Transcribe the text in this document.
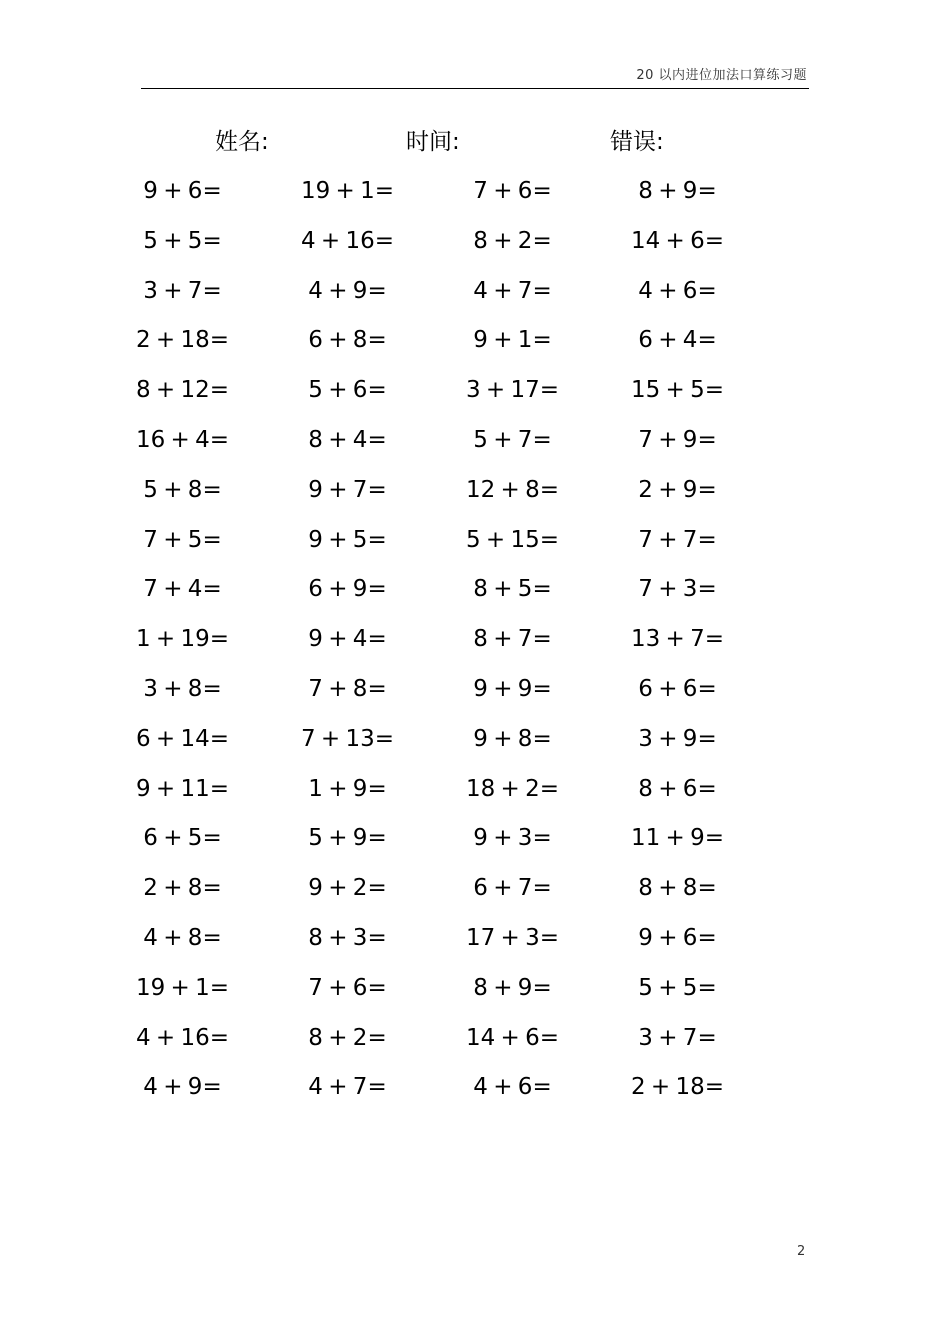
20 以内进位加法口算练习题
姓名:	时间:	错误:
9 + 6=	19 + 1=	7 + 6=	8 + 9=
5 + 5=	4 + 16=	8 + 2=	14 + 6=
3 + 7=	4 + 9=	4 + 7=	4 + 6=
2 + 18=	6 + 8=	9 + 1=	6 + 4=
8 + 12=	5 + 6=	3 + 17=	15 + 5=
16 + 4=	8 + 4=	5 + 7=	7 + 9=
5 + 8=	9 + 7=	12 + 8=	2 + 9=
7 + 5=	9 + 5=	5 + 15=	7 + 7=
7 + 4=	6 + 9=	8 + 5=	7 + 3=
1 + 19=	9 + 4=	8 + 7=	13 + 7=
3 + 8=	7 + 8=	9 + 9=	6 + 6=
6 + 14=	7 + 13=	9 + 8=	3 + 9=
9 + 11=	1 + 9=	18 + 2=	8 + 6=
6 + 5=	5 + 9=	9 + 3=	11 + 9=
2 + 8=	9 + 2=	6 + 7=	8 + 8=
4 + 8=	8 + 3=	17 + 3=	9 + 6=
19 + 1=	7 + 6=	8 + 9=	5 + 5=
4 + 16=	8 + 2=	14 + 6=	3 + 7=
4 + 9=	4 + 7=	4 + 6=	2 + 18=
2
